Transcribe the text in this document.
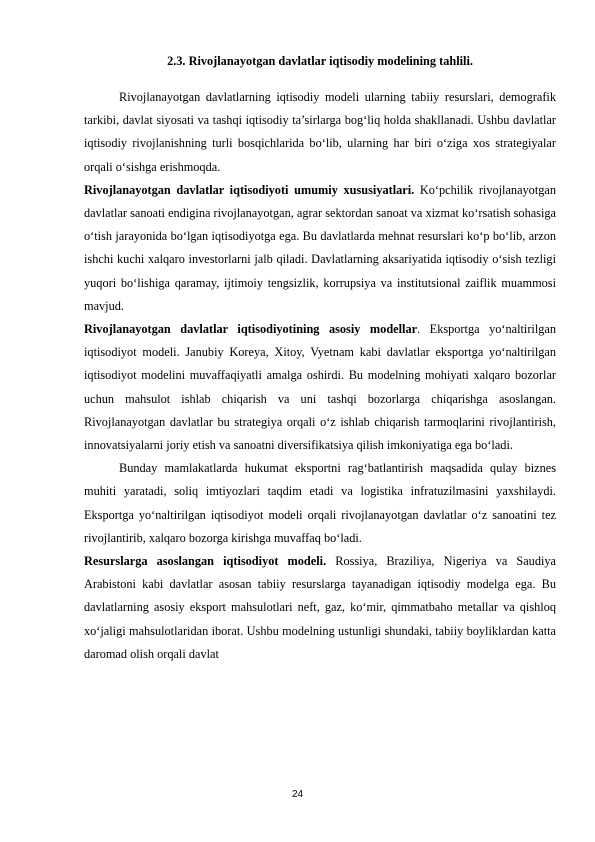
2.3. Rivojlanayotgan davlatlar iqtisodiy modelining tahlili.

Rivojlanayotgan davlatlarning iqtisodiy modeli ularning tabiiy resurslari, demografik tarkibi, davlat siyosati va tashqi iqtisodiy ta’sirlarga bog‘liq holda shakllanadi. Ushbu davlatlar iqtisodiy rivojlanishning turli bosqichlarida bo‘lib, ularning har biri o‘ziga xos strategiyalar orqali o‘sishga erishmoqda.

Rivojlanayotgan davlatlar iqtisodiyoti umumiy xususiyatlari. Ko‘pchilik rivojlanayotgan davlatlar sanoati endigina rivojlanayotgan, agrar sektordan sanoat va xizmat ko‘rsatish sohasiga o‘tish jarayonida bo‘lgan iqtisodiyotga ega. Bu davlatlarda mehnat resurslari ko‘p bo‘lib, arzon ishchi kuchi xalqaro investorlarni jalb qiladi. Davlatlarning aksariyatida iqtisodiy o‘sish tezligi yuqori bo‘lishiga qaramay, ijtimoiy tengsizlik, korrupsiya va institutsional zaiflik muammosi mavjud.

Rivojlanayotgan davlatlar iqtisodiyotining asosiy modellar. Eksportga yo‘naltirilgan iqtisodiyot modeli. Janubiy Koreya, Xitoy, Vyetnam kabi davlatlar eksportga yo‘naltirilgan iqtisodiyot modelini muvaffaqiyatli amalga oshirdi. Bu modelning mohiyati xalqaro bozorlar uchun mahsulot ishlab chiqarish va uni tashqi bozorlarga chiqarishga asoslangan. Rivojlanayotgan davlatlar bu strategiya orqali o‘z ishlab chiqarish tarmoqlarini rivojlantirish, innovatsiyalarni joriy etish va sanoatni diversifikatsiya qilish imkoniyatiga ega bo‘ladi.

Bunday mamlakatlarda hukumat eksportni rag‘batlantirish maqsadida qulay biznes muhiti yaratadi, soliq imtiyozlari taqdim etadi va logistika infratuzilmasini yaxshilaydi. Eksportga yo‘naltirilgan iqtisodiyot modeli orqali rivojlanayotgan davlatlar o‘z sanoatini tez rivojlantirib, xalqaro bozorga kirishga muvaffaq bo‘ladi.

Resurslarga asoslangan iqtisodiyot modeli. Rossiya, Braziliya, Nigeriya va Saudiya Arabistoni kabi davlatlar asosan tabiiy resurslarga tayanadigan iqtisodiy modelga ega. Bu davlatlarning asosiy eksport mahsulotlari neft, gaz, ko‘mir, qimmatbaho metallar va qishloq xo‘jaligi mahsulotlaridan iborat. Ushbu modelning ustunligi shundaki, tabiiy boyliklardan katta daromad olish orqali davlat

24
